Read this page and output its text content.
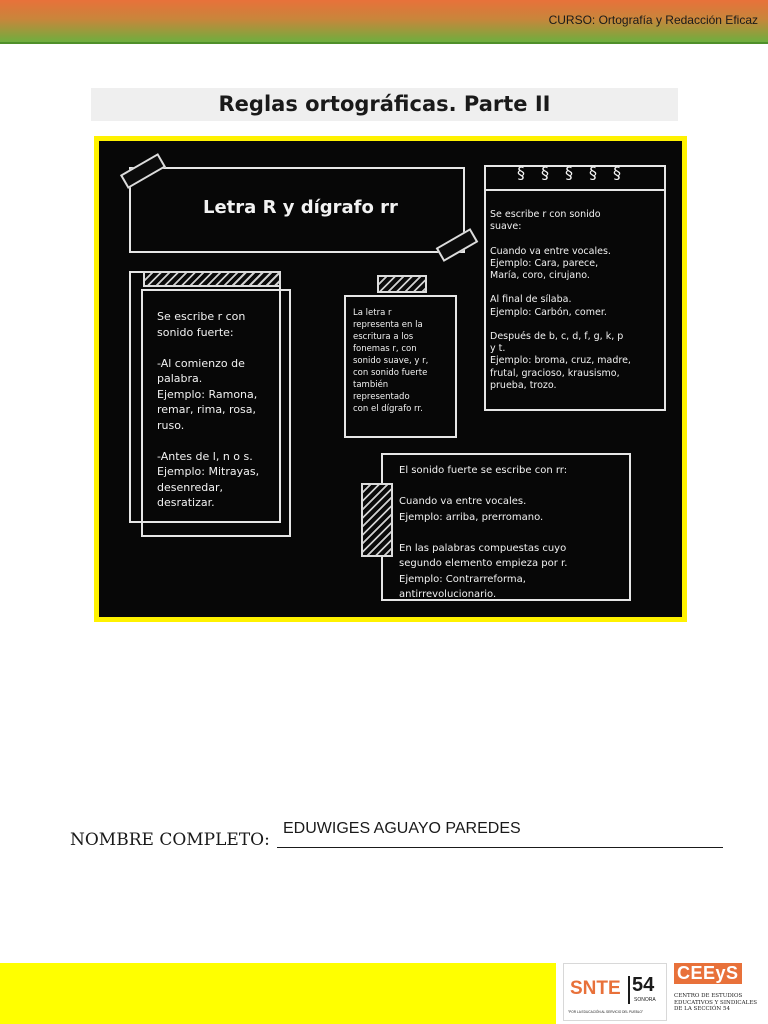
CURSO: Ortografía y Redacción Eficaz
Reglas ortográficas. Parte II
Letra R y dígrafo rr
Se escribe r con
sonido fuerte:

-Al comienzo de
palabra.
Ejemplo: Ramona,
remar, rima, rosa,
ruso.

-Antes de l, n o s.
Ejemplo: Mitrayas,
desenredar,
desratizar.
La letra r
representa en la
escritura a los
fonemas r, con
sonido suave, y r,
con sonido fuerte
también
representado
con el dígrafo rr.
§§§§§
Se escribe r con sonido
suave:

Cuando va entre vocales.
Ejemplo: Cara, parece,
María, coro, cirujano.

Al final de sílaba.
Ejemplo: Carbón, comer.

Después de b, c, d, f, g, k, p
y t.
Ejemplo: broma, cruz, madre,
frutal, gracioso, krausismo,
prueba, trozo.
El sonido fuerte se escribe con rr:

Cuando va entre vocales.
Ejemplo: arriba, prerromano.

En las palabras compuestas cuyo
segundo elemento empieza por r.
Ejemplo: Contrarreforma,
antirrevolucionario.
NOMBRE COMPLETO:
EDUWIGES AGUAYO PAREDES
SNTE 54
SONORA
"POR LA EDUCACIÓN AL SERVICIO DEL PUEBLO"
CEEyS
CENTRO DE ESTUDIOS
EDUCATIVOS Y SINDICALES
DE LA SECCIÓN 54
